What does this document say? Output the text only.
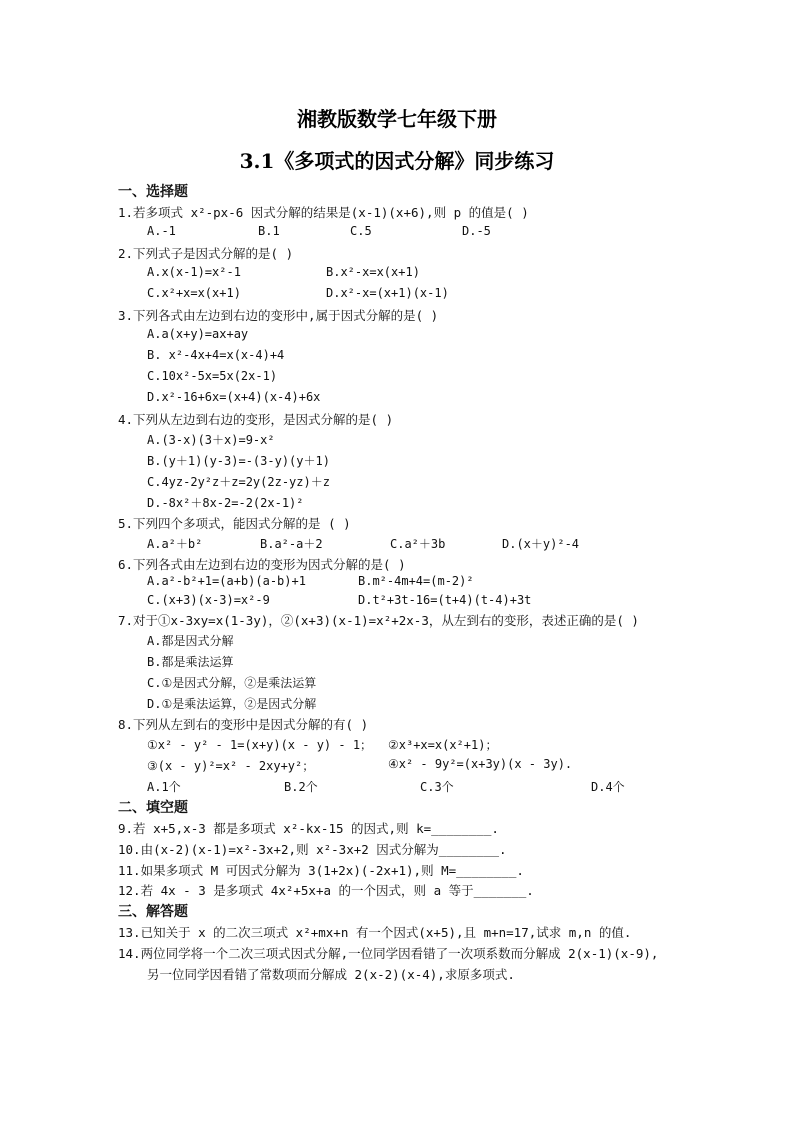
湘教版数学七年级下册
3.1《多项式的因式分解》同步练习
一、选择题
1.若多项式 x²-px-6 因式分解的结果是(x-1)(x+6),则 p 的值是( )
A.-1	B.1	C.5	D.-5
2.下列式子是因式分解的是( )
A.x(x-1)=x²-1	B.x²-x=x(x+1)
C.x²+x=x(x+1)	D.x²-x=(x+1)(x-1)
3.下列各式由左边到右边的变形中,属于因式分解的是( )
A.a(x+y)=ax+ay
B. x²-4x+4=x(x-4)+4
C.10x²-5x=5x(2x-1)
D.x²-16+6x=(x+4)(x-4)+6x
4.下列从左边到右边的变形，是因式分解的是( )
A.(3-x)(3＋x)=9-x²
B.(y＋1)(y-3)=-(3-y)(y＋1)
C.4yz-2y²z＋z=2y(2z-yz)＋z
D.-8x²＋8x-2=-2(2x-1)²
5.下列四个多项式，能因式分解的是 ( )
A.a²＋b²	B.a²-a＋2	C.a²＋3b	D.(x＋y)²-4
6.下列各式由左边到右边的变形为因式分解的是( )
A.a²-b²+1=(a+b)(a-b)+1	B.m²-4m+4=(m-2)²
C.(x+3)(x-3)=x²-9	D.t²+3t-16=(t+4)(t-4)+3t
7.对于①x-3xy=x(1-3y)，②(x+3)(x-1)=x²+2x-3，从左到右的变形，表述正确的是( )
A.都是因式分解
B.都是乘法运算
C.①是因式分解，②是乘法运算
D.①是乘法运算，②是因式分解
8.下列从左到右的变形中是因式分解的有( )
①x² - y² - 1=(x+y)(x - y) - 1； ②x³+x=x(x²+1)；
③(x - y)²=x² - 2xy+y²；	④x² - 9y²=(x+3y)(x - 3y).
A.1个	B.2个	C.3个	D.4个
二、填空题
9.若 x+5,x-3 都是多项式 x²-kx-15 的因式,则 k=________.
10.由(x-2)(x-1)=x²-3x+2,则 x²-3x+2 因式分解为________.
11.如果多项式 M 可因式分解为 3(1+2x)(-2x+1),则 M=________.
12.若 4x - 3 是多项式 4x²+5x+a 的一个因式，则 a 等于_______.
三、解答题
13.已知关于 x 的二次三项式 x²+mx+n 有一个因式(x+5),且 m+n=17,试求 m,n 的值.
14.两位同学将一个二次三项式因式分解,一位同学因看错了一次项系数而分解成 2(x-1)(x-9),
另一位同学因看错了常数项而分解成 2(x-2)(x-4),求原多项式.
